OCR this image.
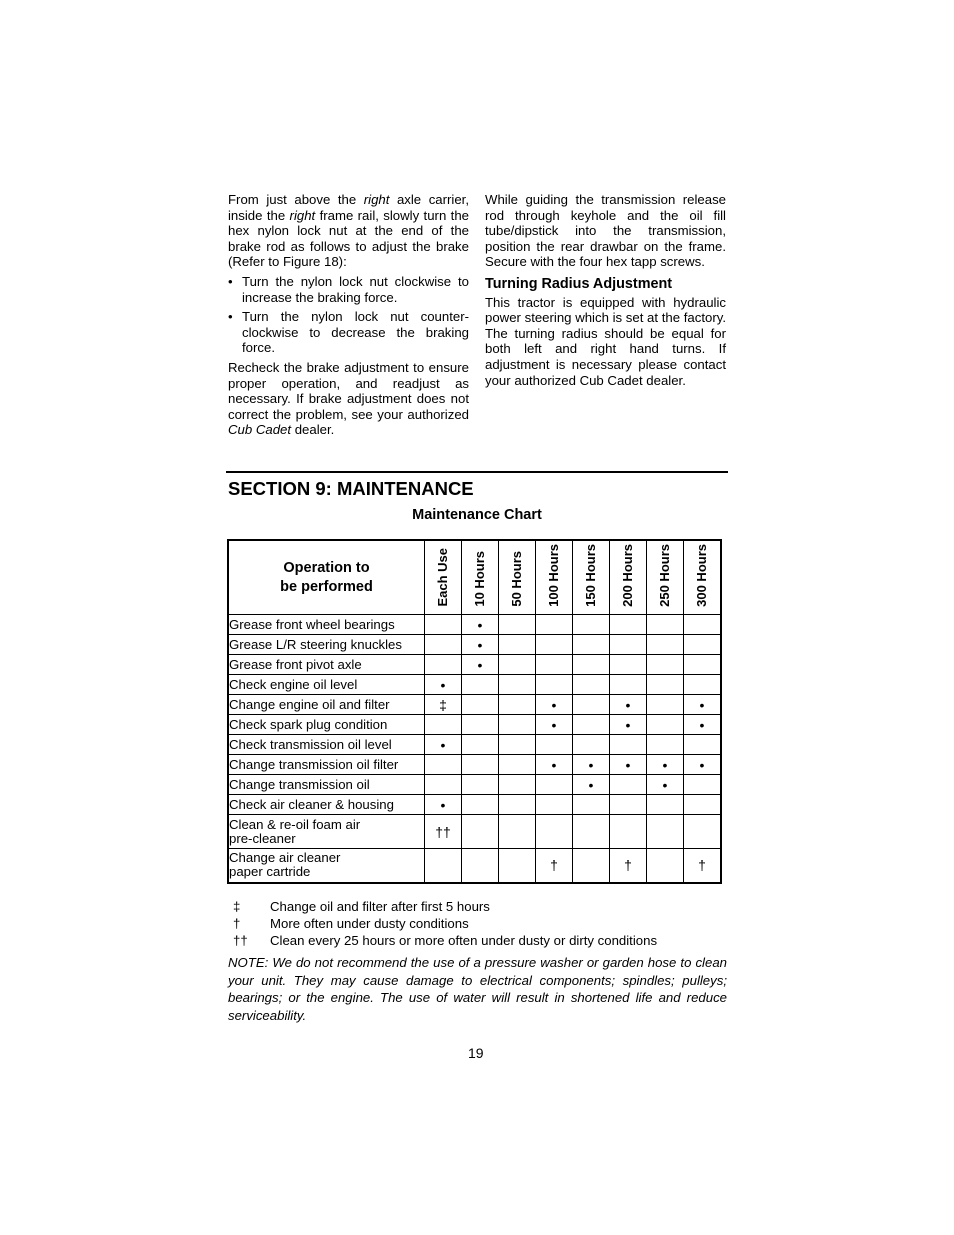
From just above the right axle carrier, inside the right frame rail, slowly turn the hex nylon lock nut at the end of the brake rod as follows to adjust the brake (Refer to Figure 18):

• Turn the nylon lock nut clockwise to increase the braking force.
• Turn the nylon lock nut counter-clockwise to decrease the braking force.

Recheck the brake adjustment to ensure proper operation, and readjust as necessary. If brake adjustment does not correct the problem, see your authorized Cub Cadet dealer.

While guiding the transmission release rod through keyhole and the oil fill tube/dipstick into the transmission, position the rear drawbar on the frame. Secure with the four hex tapp screws.

Turning Radius Adjustment

This tractor is equipped with hydraulic power steering which is set at the factory. The turning radius should be equal for both left and right hand turns. If adjustment is necessary please contact your authorized Cub Cadet dealer.

SECTION 9: MAINTENANCE
Maintenance Chart
Operation to
be performed	Each Use	10 Hours	50 Hours	100 Hours	150 Hours	200 Hours	250 Hours	300 Hours
Grease front wheel bearings		•						
Grease L/R steering knuckles		•						
Grease front pivot axle		•						
Check engine oil level	•							
Change engine oil and filter	‡			•		•		•
Check spark plug condition				•		•		•
Check transmission oil level	•							
Change transmission oil filter				•	•	•	•	•
Change transmission oil					•		•	
Check air cleaner & housing	•							
Clean & re-oil foam air
pre-cleaner	††							
Change air cleaner
paper cartride				†		†		†
‡	Change oil and filter after first 5 hours
†	More often under dusty conditions
††	Clean every 25 hours or more often under dusty or dirty conditions

NOTE: We do not recommend the use of a pressure washer or garden hose to clean your unit. They may cause damage to electrical components; spindles; pulleys; bearings; or the engine. The use of water will result in shortened life and reduce serviceability.

19
